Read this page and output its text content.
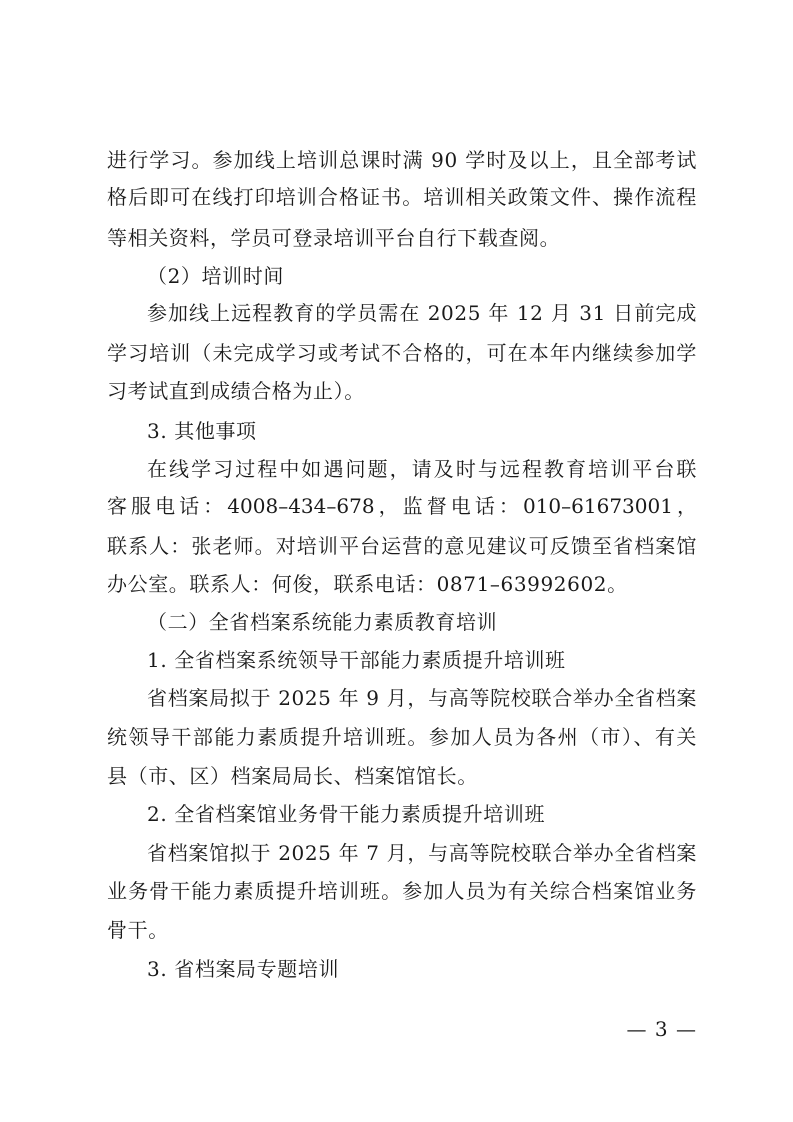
进行学习。参加线上培训总课时满 90 学时及以上，且全部考试
格后即可在线打印培训合格证书。培训相关政策文件、操作流程
等相关资料，学员可登录培训平台自行下载查阅。
（2）培训时间
参加线上远程教育的学员需在 2025 年 12 月 31 日前完成
学习培训（未完成学习或考试不合格的，可在本年内继续参加学
习考试直到成绩合格为止）。
3. 其他事项
在线学习过程中如遇问题，请及时与远程教育培训平台联
客服电话：4008–434–678，监督电话：010–61673001，
联系人：张老师。对培训平台运营的意见建议可反馈至省档案馆
办公室。联系人：何俊，联系电话：0871–63992602。
（二）全省档案系统能力素质教育培训
1. 全省档案系统领导干部能力素质提升培训班
省档案局拟于 2025 年 9 月，与高等院校联合举办全省档案
统领导干部能力素质提升培训班。参加人员为各州（市）、有关
县（市、区）档案局局长、档案馆馆长。
2. 全省档案馆业务骨干能力素质提升培训班
省档案馆拟于 2025 年 7 月，与高等院校联合举办全省档案
业务骨干能力素质提升培训班。参加人员为有关综合档案馆业务
骨干。
3. 省档案局专题培训
— 3 —
